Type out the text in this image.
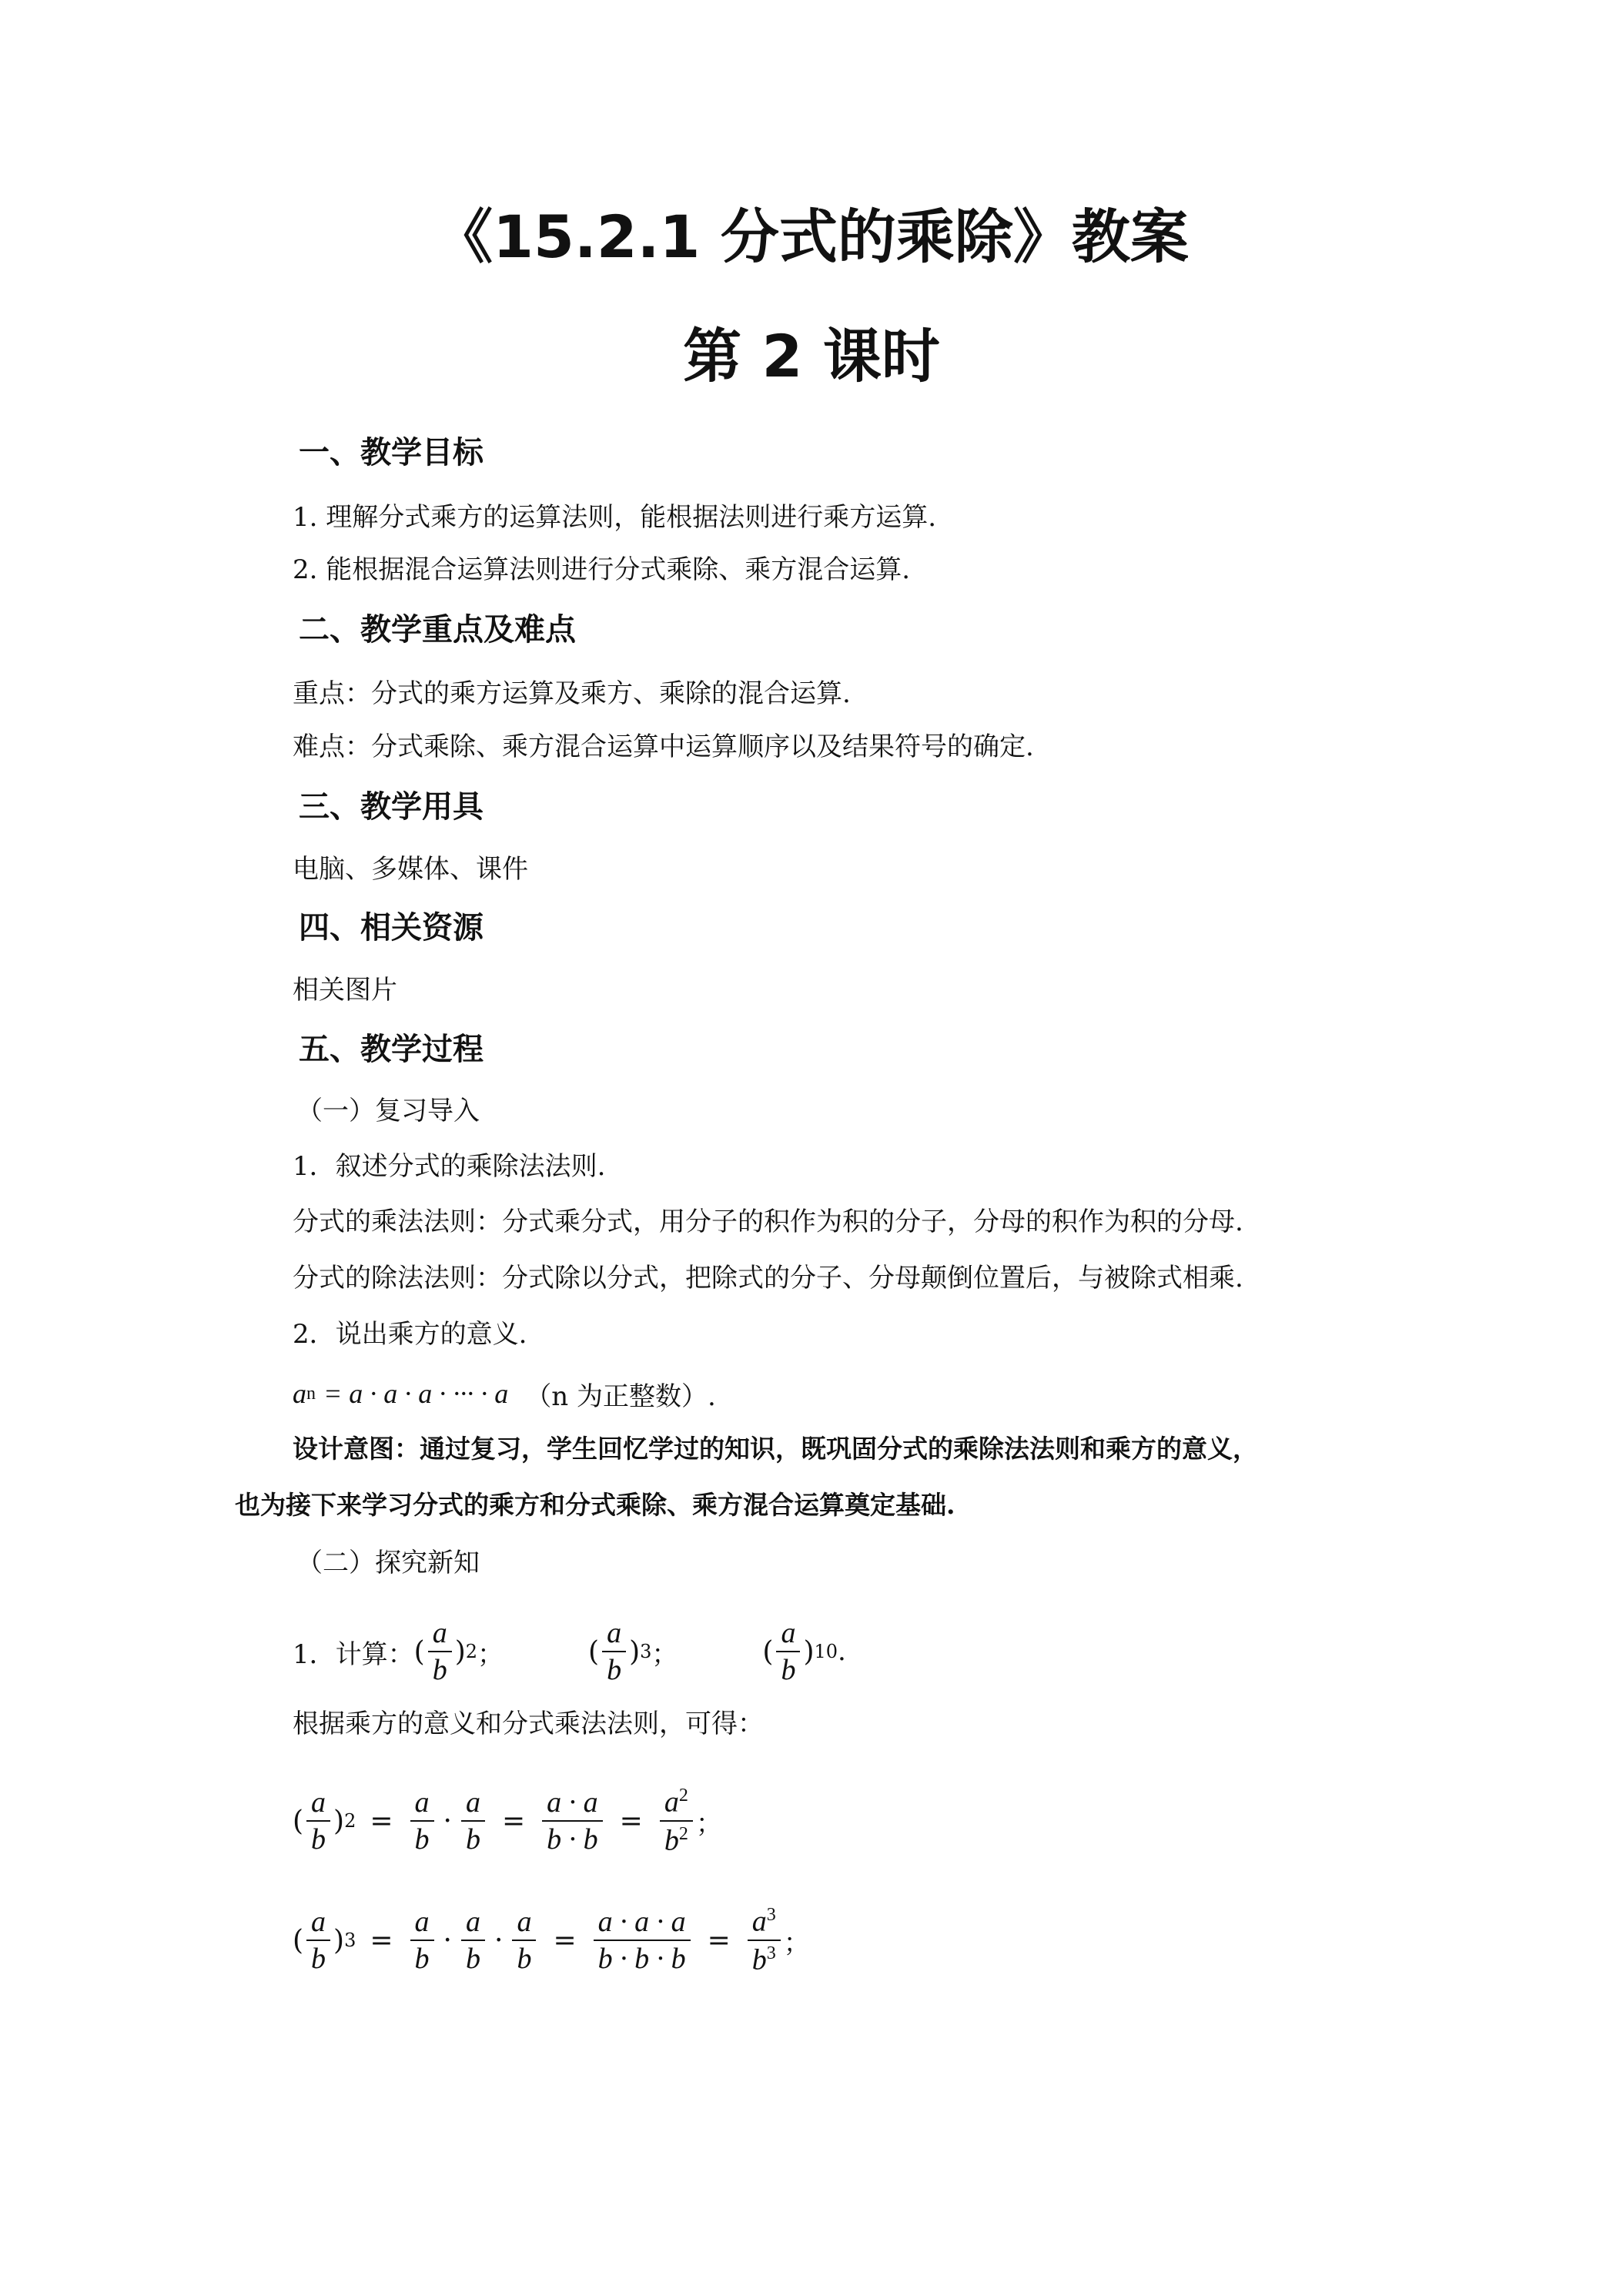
《15.2.1 分式的乘除》教案
第 2 课时
一、教学目标
1. 理解分式乘方的运算法则，能根据法则进行乘方运算.
2. 能根据混合运算法则进行分式乘除、乘方混合运算.
二、教学重点及难点
重点：分式的乘方运算及乘方、乘除的混合运算.
难点：分式乘除、乘方混合运算中运算顺序以及结果符号的确定.
三、教学用具
电脑、多媒体、课件
四、相关资源
相关图片
五、教学过程
（一）复习导入
1．叙述分式的乘除法法则.
分式的乘法法则：分式乘分式，用分子的积作为积的分子，分母的积作为积的分母.
分式的除法法则：分式除以分式，把除式的分子、分母颠倒位置后，与被除式相乘.
2．说出乘方的意义.
a n = a · a · a · ··· · a （n 为正整数）.
设计意图：通过复习，学生回忆学过的知识，既巩固分式的乘除法法则和乘方的意义，
也为接下来学习分式的乘方和分式乘除、乘方混合运算奠定基础.
（二）探究新知
1．计算： ( $\frac{a}{b}$ ) 2 ；	( $\frac{a}{b}$ ) 3 ；	( $\frac{a}{b}$ ) 10 .
根据乘方的意义和分式乘法法则，可得：
( $\frac{a}{b}$ ) $2 = \frac{a}{b} \cdot \frac{a}{b} = \frac{a \cdot a}{b \cdot b} = \frac{a^2}{b^2}$ ；
( $\frac{a}{b}$ ) $3 = \frac{a}{b} \cdot \frac{a}{b} \cdot \frac{a}{b} = \frac{a \cdot a \cdot a}{b \cdot b \cdot b} = \frac{a^3}{b^3}$ ；
